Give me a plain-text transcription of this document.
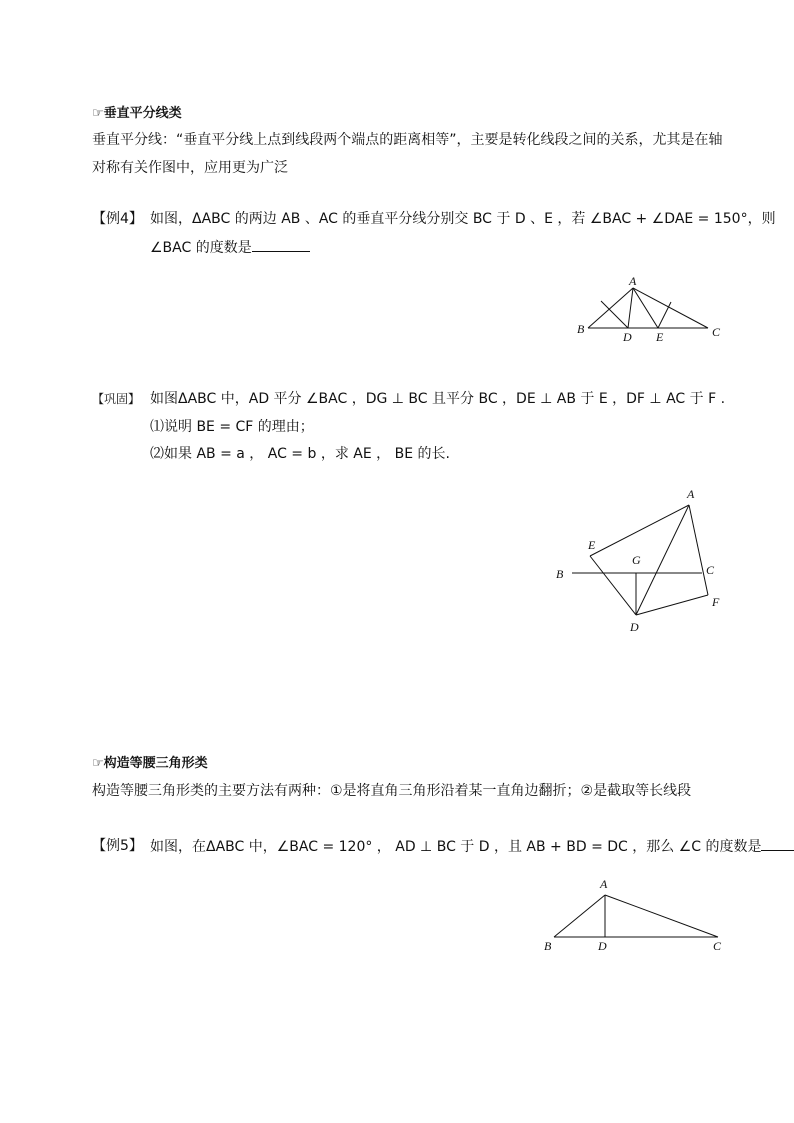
☞垂直平分线类
垂直平分线：“垂直平分线上点到线段两个端点的距离相等”，主要是转化线段之间的关系，尤其是在轴
对称有关作图中，应用更为广泛
【例4】 如图，ΔABC 的两边 AB 、AC 的垂直平分线分别交 BC 于 D 、E ，若 ∠BAC + ∠DAE = 150°，则
∠BAC 的度数是
A
B	C
D E
【巩固】 如图ΔABC 中，AD 平分 ∠BAC ，DG ⊥ BC 且平分 BC ，DE ⊥ AB 于 E ，DF ⊥ AC 于 F .
⑴说明 BE = CF 的理由；
⑵如果 AB = a ， AC = b ，求 AE ， BE 的长.
A
B	C
D
E
F
G
☞构造等腰三角形类
构造等腰三角形类的主要方法有两种：①是将直角三角形沿着某一直角边翻折；②是截取等长线段
【例5】 如图，在ΔABC 中，∠BAC = 120° ， AD ⊥ BC 于 D ，且 AB + BD = DC ，那么 ∠C 的度数是
A
B	C
D
